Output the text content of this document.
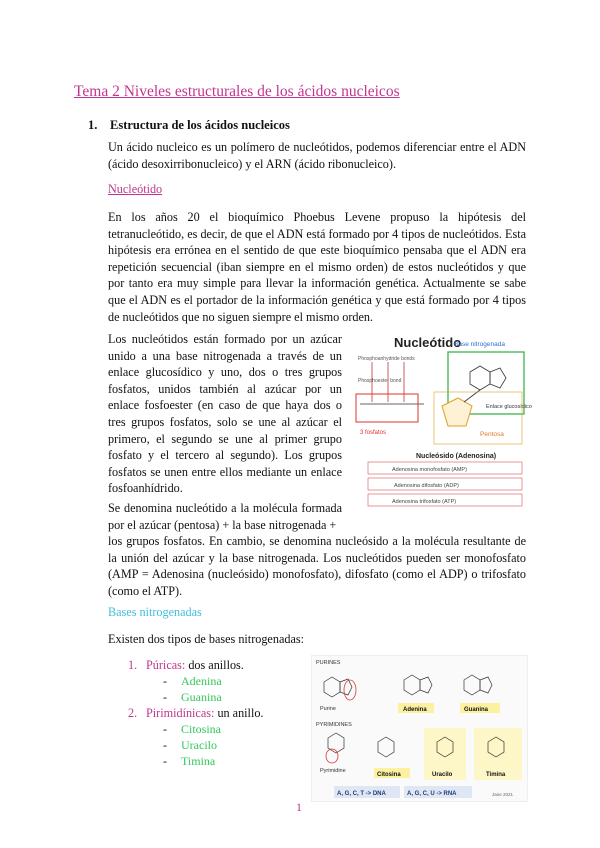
Tema 2 Niveles estructurales de los ácidos nucleicos
1. Estructura de los ácidos nucleicos
Un ácido nucleico es un polímero de nucleótidos, podemos diferenciar entre el ADN (ácido desoxirribonucleico) y el ARN (ácido ribonucleico).
Nucleótido
En los años 20 el bioquímico Phoebus Levene propuso la hipótesis del tetranucleótido, es decir, de que el ADN está formado por 4 tipos de nucleótidos. Esta hipótesis era errónea en el sentido de que este bioquímico pensaba que el ADN era repetición secuencial (iban siempre en el mismo orden) de estos nucleótidos y que por tanto era muy simple para llevar la información genética. Actualmente se sabe que el ADN es el portador de la información genética y que está formado por 4 tipos de nucleótidos que no siguen siempre el mismo orden.
Los nucleótidos están formado por un azúcar unido a una base nitrogenada a través de un enlace glucosídico y uno, dos o tres grupos fosfatos, unidos también al azúcar por un enlace fosfoester (en caso de que haya dos o tres grupos fosfatos, solo se une al azúcar el primero, el segundo se une al primer grupo fosfato y el tercero al segundo). Los grupos fosfatos se unen entre ellos mediante un enlace fosfoanhídrido.
Nucleótido
Base nitrogenada
Phosphoanhydride bonds
Phosphoester bond
3 fosfatos	Pentosa
Enlace glucosídico
Nucleósido (Adenosina)
Adenosina monofosfato (AMP)
Adenosina difosfato (ADP)
Adenosina trifosfato (ATP)
Se denomina nucleótido a la molécula formada por el azúcar (pentosa) + la base nitrogenada +
los grupos fosfatos. En cambio, se denomina nucleósido a la molécula resultante de la unión del azúcar y la base nitrogenada. Los nucleótidos pueden ser monofosfato (AMP = Adenosina (nucleósido) monofosfato), difosfato (como el ADP) o trifosfato (como el ATP).
Bases nitrogenadas
Existen dos tipos de bases nitrogenadas:
1. Púricas: dos anillos.
- Adenina
- Guanina
2. Pirimidínicas: un anillo.
- Citosina
- Uracilo
- Timina
PURINES
Purine	Adenina	Guanina
PYRIMIDINES
Pyrimidine
Citosina	Uracilo	Timina
A, G, C, T -> DNA	A, G, C, U -> RNA	Jane 2021
1
